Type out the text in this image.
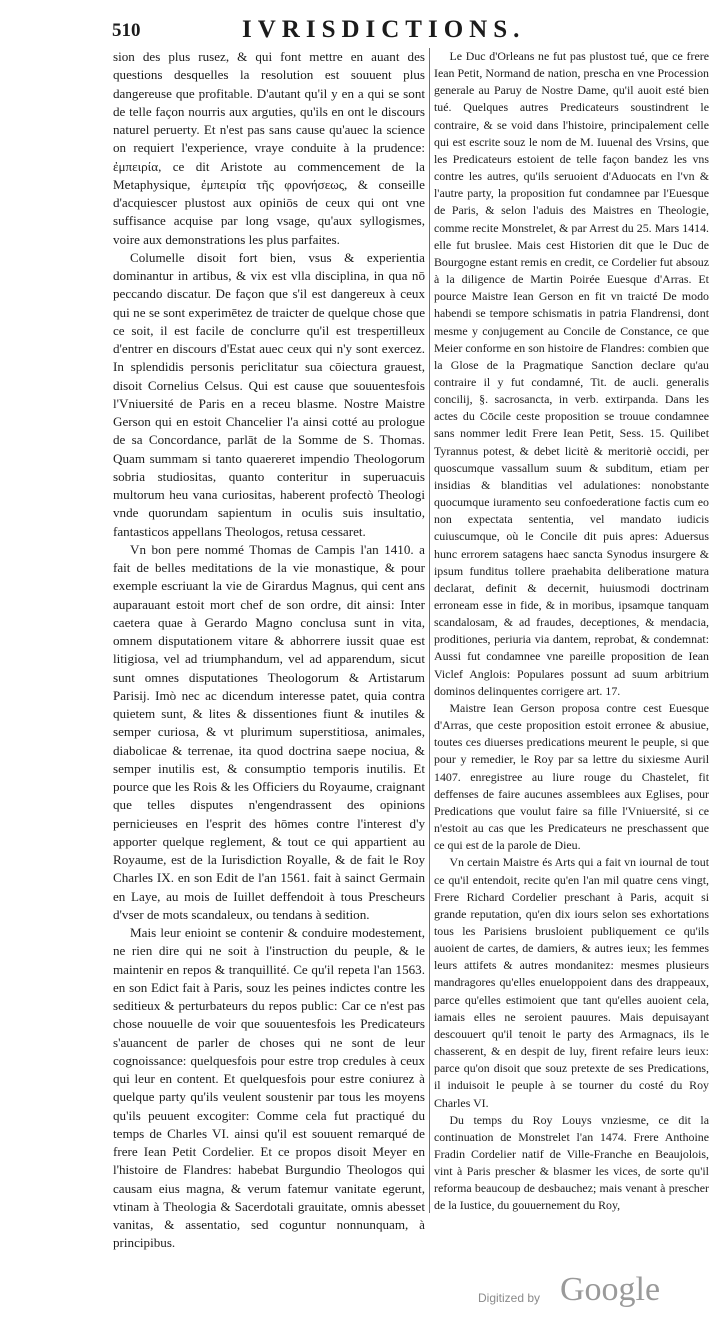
510	IVRISDICTIONS.

sion des plus rusez, & qui font mettre en auant des questions desquelles la resolution est souuent plus dangereuse que profitable. D'autant qu'il y en a qui se sont de telle façon nourris aux arguties, qu'ils en ont le discours naturel peruerty. Et n'est pas sans cause qu'auec la science on requiert l'experience, vraye conduite à la prudence: ἐμπειρία, ce dit Aristote au commencement de la Metaphysique, ἐμπειρία τῆς φρονήσεως, & conseille d'acquiescer plustost aux opiniōs de ceux qui ont vne suffisance acquise par long vsage, qu'aux syllogismes, voire aux demonstrations les plus parfaites.

Columelle disoit fort bien, vsus & experientia dominantur in artibus, & vix est vlla disciplina, in qua nō peccando discatur. De façon que s'il est dangereux à ceux qui ne se sont experimētez de traicter de quelque chose que ce soit, il est facile de conclurre qu'il est trespeπilleux d'entrer en discours d'Estat auec ceux qui n'y sont exercez. In splendidis personis periclitatur sua cōiectura grauest, disoit Cornelius Celsus. Qui est cause que souuentesfois l'Vniuersité de Paris en a receu blasme. Nostre Maistre Gerson qui en estoit Chancelier l'a ainsi cotté au prologue de sa Concordance, parlāt de la Somme de S. Thomas. Quam summam si tanto quaereret impendio Theologorum sobria studiositas, quanto conteritur in superuacuis multorum heu vana curiositas, haberent profectò Theologi vnde quorundam sapientum in oculis suis insultatio, fantasticos appellans Theologos, retusa cessaret.

Vn bon pere nommé Thomas de Campis l'an 1410. a fait de belles meditations de la vie monastique, & pour exemple escriuant la vie de Girardus Magnus, qui cent ans auparauant estoit mort chef de son ordre, dit ainsi: Inter caetera quae à Gerardo Magno conclusa sunt in vita, omnem disputationem vitare & abhorrere iussit quae est litigiosa, vel ad triumphandum, vel ad apparendum, sicut sunt omnes disputationes Theologorum & Artistarum Parisij. Imò nec ac dicendum interesse patet, quia contra quietem sunt, & lites & dissentiones fiunt & inutiles & semper curiosa, & vt plurimum superstitiosa, animales, diabolicae & terrenae, ita quod doctrina saepe nociua, & semper inutilis est, & consumptio temporis inutilis. Et pource que les Rois & les Officiers du Royaume, craignant que telles disputes n'engendrassent des opinions pernicieuses en l'esprit des hōmes contre l'interest d'y apporter quelque reglement, & tout ce qui appartient au Royaume, est de la Iurisdiction Royalle, & de fait le Roy Charles IX. en son Edit de l'an 1561. fait à sainct Germain en Laye, au mois de Iuillet deffendoit à tous Prescheurs d'vser de mots scandaleux, ou tendans à sedition.

Mais leur enioint se contenir & conduire modestement, ne rien dire qui ne soit à l'instruction du peuple, & le maintenir en repos & tranquillité. Ce qu'il repeta l'an 1563. en son Edict fait à Paris, souz les peines indictes contre les seditieux & perturbateurs du repos public: Car ce n'est pas chose nouuelle de voir que souuentesfois les Predicateurs s'auancent de parler de choses qui ne sont de leur cognoissance: quelquesfois pour estre trop credules à ceux qui leur en content. Et quelquesfois pour estre coniurez à quelque party qu'ils veulent soustenir par tous les moyens qu'ils peuuent excogiter: Comme cela fut practiqué du temps de Charles VI. ainsi qu'il est souuent remarqué de frere Iean Petit Cordelier. Et ce propos disoit Meyer en l'histoire de Flandres: habebat Burgundio Theologos qui causam eius magna, & verum fatemur vanitate egerunt, vtinam à Theologia & Sacerdotali grauitate, omnis abesset vanitas, & assentatio, sed coguntur nonnunquam, à principibus.

Le Duc d'Orleans ne fut pas plustost tué, que ce frere Iean Petit, Normand de nation, prescha en vne Procession generale au Paruy de Nostre Dame, qu'il auoit esté bien tué. Quelques autres Predicateurs soustindrent le contraire, & se void dans l'histoire, principalement celle qui est escrite souz le nom de M. Iuuenal des Vrsins, que les Predicateurs estoient de telle façon bandez les vns contre les autres, qu'ils seruoient d'Aduocats en l'vn & l'autre party, la proposition fut condamnee par l'Euesque de Paris, & selon l'aduis des Maistres en Theologie, comme recite Monstrelet, & par Arrest du 25. Mars 1414. elle fut bruslee. Mais cest Historien dit que le Duc de Bourgogne estant remis en credit, ce Cordelier fut absouz à la diligence de Martin Poirée Euesque d'Arras. Et pource Maistre Iean Gerson en fit vn traicté De modo habendi se tempore schismatis in patria Flandrensi, dont mesme y conjugement au Concile de Constance, ce que Meier conforme en son histoire de Flandres: combien que la Glose de la Pragmatique Sanction declare qu'au contraire il y fut condamné, Tit. de aucli. generalis concilij, §. sacrosancta, in verb. extirpanda. Dans les actes du Cōcile ceste proposition se trouue condamnee sans nommer ledit Frere Iean Petit, Sess. 15. Quilibet Tyrannus potest, & debet licitè & meritoriè occidi, per quoscumque vassallum suum & subditum, etiam per insidias & blanditias vel adulationes: nonobstante quocumque iuramento seu confoederatione factis cum eo non expectata sententia, vel mandato iudicis cuiuscumque, où le Concile dit puis apres: Aduersus hunc errorem satagens haec sancta Synodus insurgere & ipsum funditus tollere praehabita deliberatione matura declarat, definit & decernit, huiusmodi doctrinam erroneam esse in fide, & in moribus, ipsamque tanquam scandalosam, & ad fraudes, deceptiones, & mendacia, proditiones, periuria via dantem, reprobat, & condemnat: Aussi fut condamnee vne pareille proposition de Iean Viclef Anglois: Populares possunt ad suum arbitrium dominos delinquentes corrigere art. 17.

Maistre Iean Gerson proposa contre cest Euesque d'Arras, que ceste proposition estoit erronee & abusiue, toutes ces diuerses predications meurent le peuple, si que pour y remedier, le Roy par sa lettre du sixiesme Auril 1407. enregistree au liure rouge du Chastelet, fit deffenses de faire aucunes assemblees aux Eglises, pour Predications que voulut faire sa fille l'Vniuersité, si ce n'estoit au cas que les Predicateurs ne preschassent que ce qui est de la parole de Dieu.

Vn certain Maistre és Arts qui a fait vn iournal de tout ce qu'il entendoit, recite qu'en l'an mil quatre cens vingt, Frere Richard Cordelier preschant à Paris, acquit si grande reputation, qu'en dix iours selon ses exhortations tous les Parisiens brusloient publiquement ce qu'ils auoient de cartes, de damiers, & autres ieux; les femmes leurs attifets & autres mondanitez: mesmes plusieurs mandragores qu'elles enueloppoient dans des drappeaux, parce qu'elles estimoient que tant qu'elles auoient cela, iamais elles ne seroient pauures. Mais depuisayant descouuert qu'il tenoit le party des Armagnacs, ils le chasserent, & en despit de luy, firent refaire leurs ieux: parce qu'on disoit que souz pretexte de ses Predications, il induisoit le peuple à se tourner du costé du Roy Charles VI.

Du temps du Roy Louys vnziesme, ce dit la continuation de Monstrelet l'an 1474. Frere Anthoine Fradin Cordelier natif de Ville-Franche en Beaujolois, vint à Paris prescher & blasmer les vices, de sorte qu'il reforma beaucoup de desbauchez; mais venant à prescher de la Iustice, du gouuernement du Roy,

Digitized by Google
